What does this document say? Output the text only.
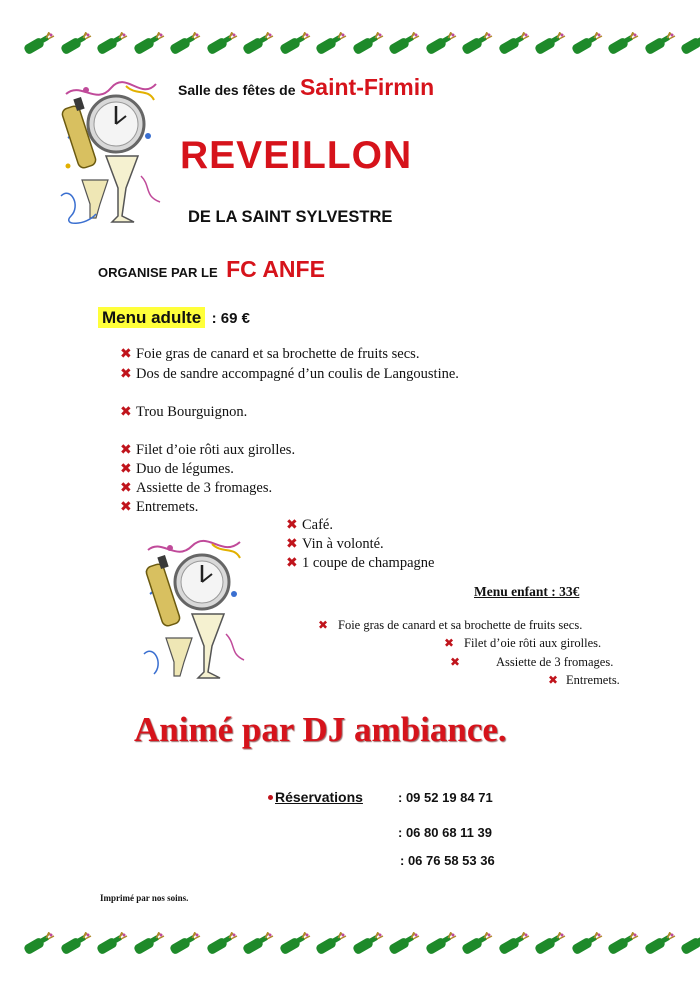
Salle des fêtes de Saint-Firmin
REVEILLON
DE LA SAINT SYLVESTRE
ORGANISE PAR LE FC ANFE
Menu adulte : 69 €
✖ Foie gras de canard et sa brochette de fruits secs.
✖ Dos de sandre accompagné d’un coulis de Langoustine.
✖ Trou Bourguignon.
✖ Filet d’oie rôti aux girolles.
✖ Duo de légumes.
✖ Assiette de 3 fromages.
✖ Entremets.
✖ Café.
✖ Vin à volonté.
✖ 1 coupe de champagne
Menu enfant : 33€
✖ Foie gras de canard et sa brochette de fruits secs.
✖ Filet d’oie rôti aux girolles.
✖	Assiette de 3 fromages.
✖ Entremets.
Animé par DJ ambiance.
Réservations	: 09 52 19 84 71
: 06 80 68 11 39
: 06 76 58 53 36
Imprimé par nos soins.
